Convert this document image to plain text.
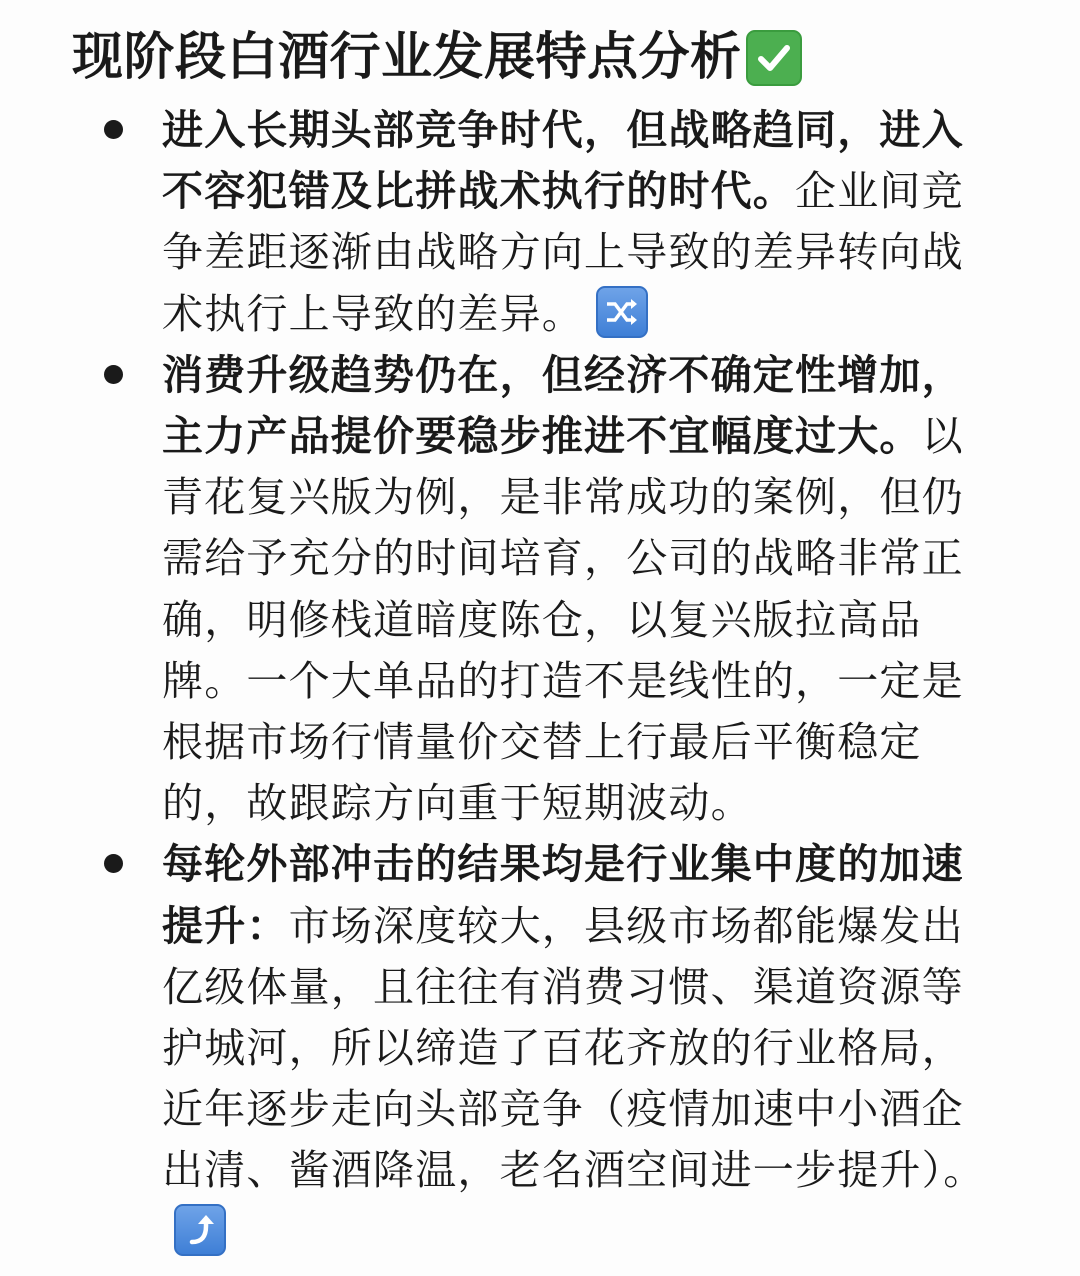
现阶段白酒行业发展特点分析
进入长期头部竞争时代，但战略趋同，进入不容犯错及比拼战术执行的时代。企业间竞争差距逐渐由战略方向上导致的差异转向战术执行上导致的差异。
消费升级趋势仍在，但经济不确定性增加，主力产品提价要稳步推进不宜幅度过大。以青花复兴版为例，是非常成功的案例，但仍需给予充分的时间培育，公司的战略非常正确，明修栈道暗度陈仓，以复兴版拉高品牌。一个大单品的打造不是线性的，一定是根据市场行情量价交替上行最后平衡稳定的，故跟踪方向重于短期波动。
每轮外部冲击的结果均是行业集中度的加速提升：市场深度较大，县级市场都能爆发出亿级体量，且往往有消费习惯、渠道资源等护城河，所以缔造了百花齐放的行业格局，近年逐步走向头部竞争（疫情加速中小酒企出清、酱酒降温，老名酒空间进一步提升）。
